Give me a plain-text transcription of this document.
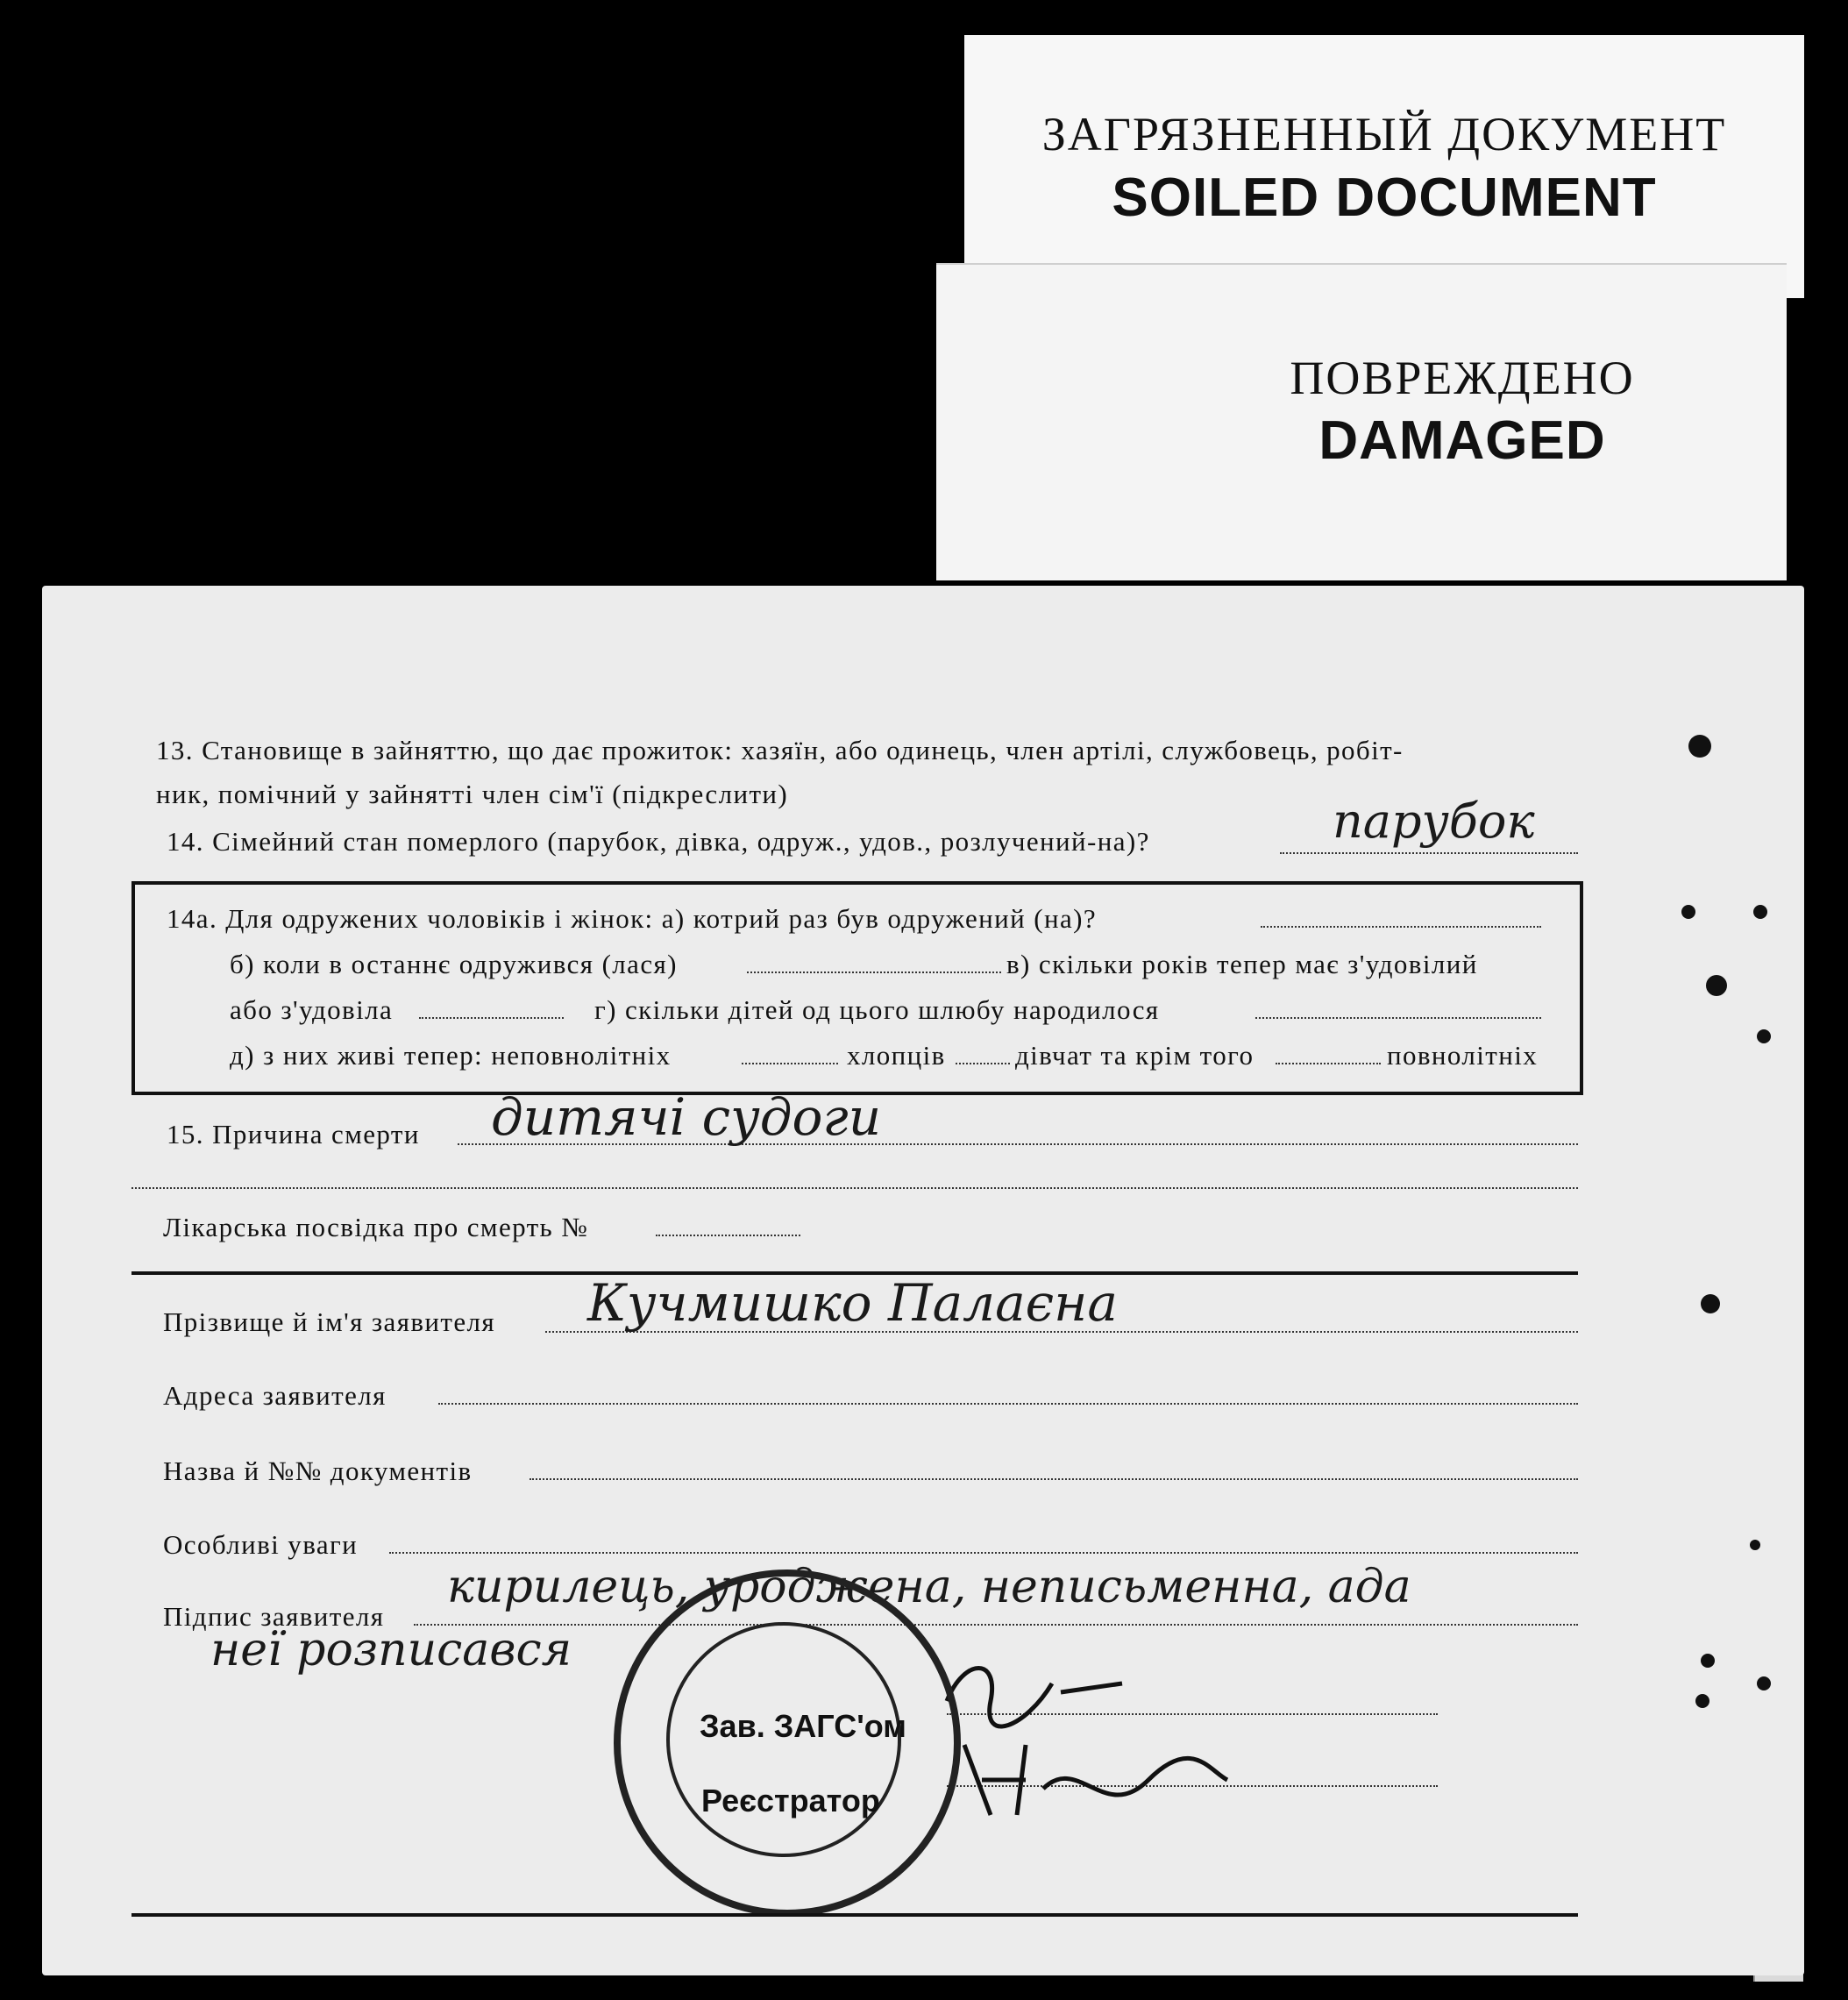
ЗАГРЯЗНЕННЫЙ ДОКУМЕНТ
SOILED DOCUMENT
ПОВРЕЖДЕНО
DAMAGED
13. Становище в зайняттю, що дає прожиток: хазяїн, або одинець, член артілі, службовець, робіт-
ник, помічний у зайнятті член сім'ї (підкреслити)
14. Сімейний стан померлого (парубок, дівка, одруж., удов., розлучений-на)?	парубок
14а. Для одружених чоловіків і жінок: а) котрий раз був одружений (на)?
б) коли в останнє одружився (лася)	в) скільки років тепер має з'удовілий
або з'удовіла	г) скільки дітей од цього шлюбу народилося
д) з них живі тепер: неповнолітніх	хлопців	дівчат та крім того	повнолітніх
15. Причина смерти дитячі судоги
Лікарська посвідка про смерть №
Прізвище й ім'я заявителя Кучмишко Палаєна
Адреса заявителя
Назва й №№ документів
Особливі уваги
Підпис заявителя
кирилець, уроджена, неписьменна, ада
неї розписався
Зав. ЗАГС'ом
Реєстратор
